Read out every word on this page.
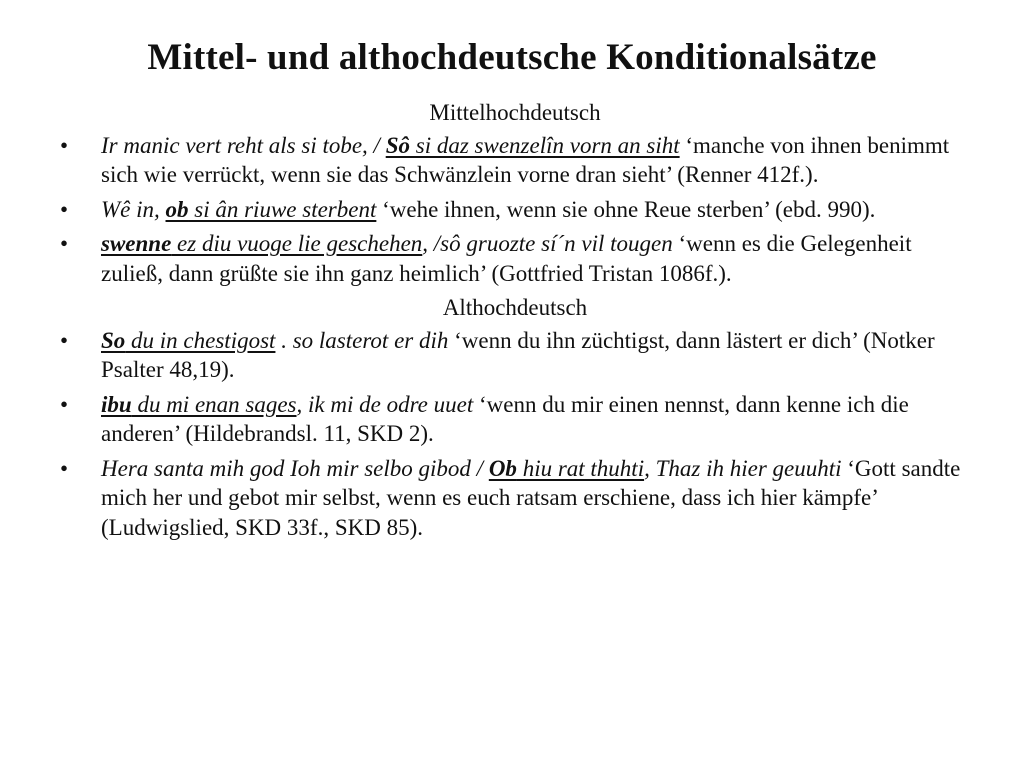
Mittel- und althochdeutsche Konditionalsätze
Mittelhochdeutsch
• Ir manic vert reht als si tobe, / Sô si daz swenzelîn vorn an siht ‘manche von ihnen benimmt sich wie verrückt, wenn sie das Schwänzlein vorne dran sieht’ (Renner 412f.).
• Wê in, ob si ân riuwe sterbent ‘wehe ihnen, wenn sie ohne Reue sterben’ (ebd. 990).
• swenne ez diu vuoge lie geschehen, /sô gruozte sí´n vil tougen ‘wenn es die Gelegenheit zuließ, dann grüßte sie ihn ganz heimlich’ (Gottfried Tristan 1086f.).
Althochdeutsch
• So du in chestigost . so lasterot er dih ‘wenn du ihn züchtigst, dann lästert er dich’ (Notker Psalter 48,19).
• ibu du mi enan sages, ik mi de odre uuet ‘wenn du mir einen nennst, dann kenne ich die anderen’ (Hildebrandsl. 11, SKD 2).
• Hera santa mih god Ioh mir selbo gibod / Ob hiu rat thuhti, Thaz ih hier geuuhti ‘Gott sandte mich her und gebot mir selbst, wenn es euch ratsam erschiene, dass ich hier kämpfe’ (Ludwigslied, SKD 33f., SKD 85).
